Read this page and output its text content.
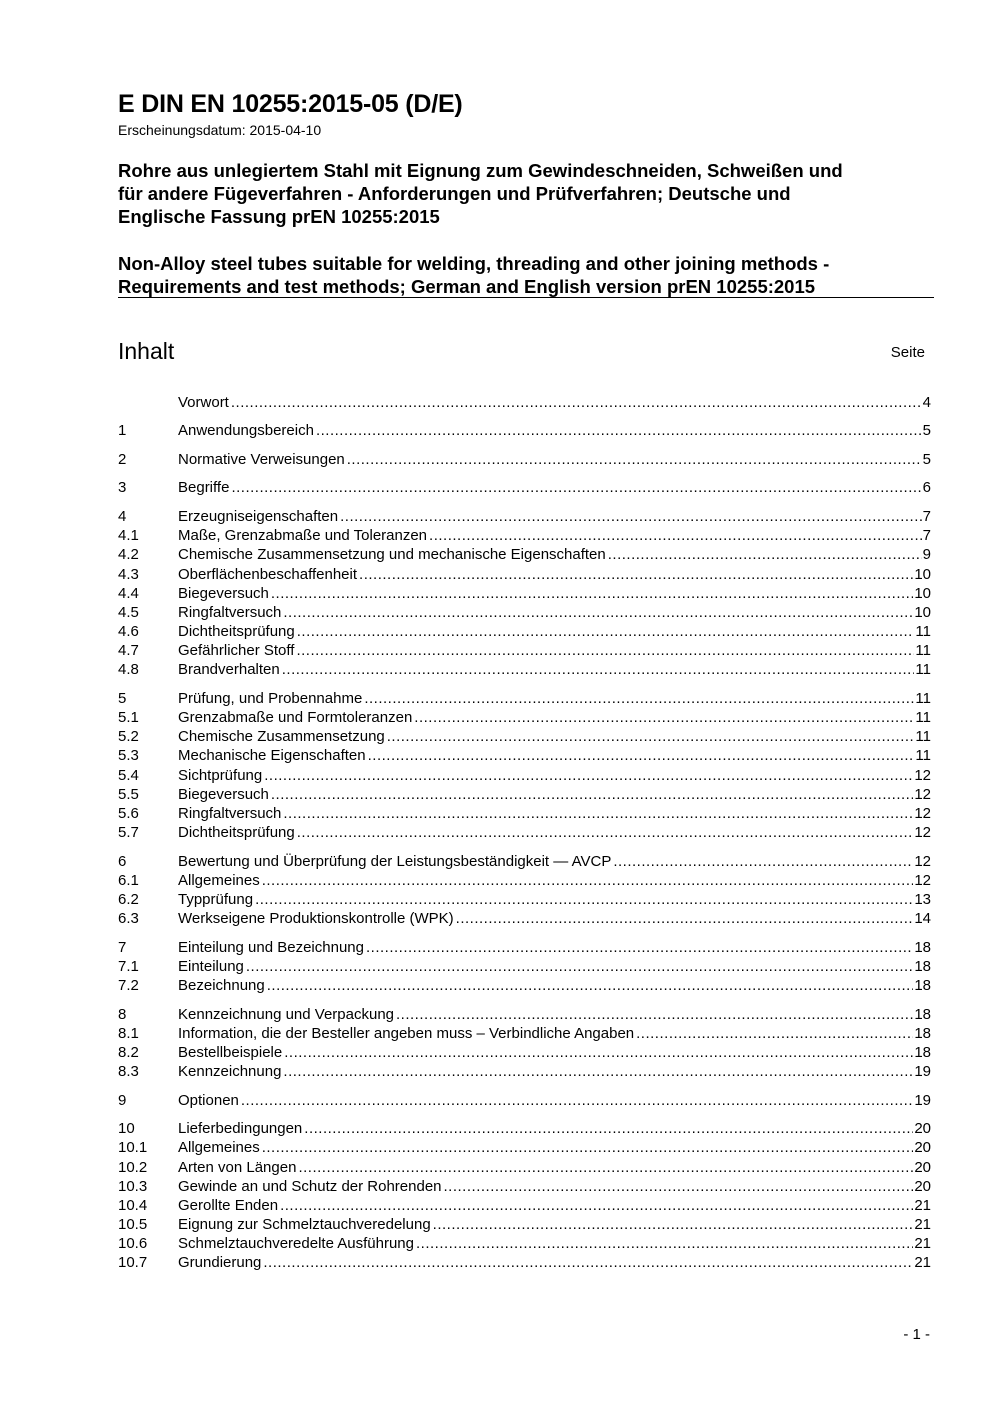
E DIN EN 10255:2015-05 (D/E)
Erscheinungsdatum: 2015-04-10
Rohre aus unlegiertem Stahl mit Eignung zum Gewindeschneiden, Schweißen und
für andere Fügeverfahren - Anforderungen und Prüfverfahren; Deutsche und
Englische Fassung prEN 10255:2015
Non-Alloy steel tubes suitable for welding, threading and other joining methods -
Requirements and test methods; German and English version prEN 10255:2015
Inhalt	Seite
Vorwort .....	4
1	Anwendungsbereich .....	5
2	Normative Verweisungen .....	5
3	Begriffe .....	6
4	Erzeugniseigenschaften .....	7
4.1	Maße, Grenzabmaße und Toleranzen .....	7
4.2	Chemische Zusammensetzung und mechanische Eigenschaften .....	9
4.3	Oberflächenbeschaffenheit .....	10
4.4	Biegeversuch .....	10
4.5	Ringfaltversuch .....	10
4.6	Dichtheitsprüfung .....	11
4.7	Gefährlicher Stoff .....	11
4.8	Brandverhalten .....	11
5	Prüfung, und Probennahme .....	11
5.1	Grenzabmaße und Formtoleranzen .....	11
5.2	Chemische Zusammensetzung .....	11
5.3	Mechanische Eigenschaften .....	11
5.4	Sichtprüfung .....	12
5.5	Biegeversuch .....	12
5.6	Ringfaltversuch .....	12
5.7	Dichtheitsprüfung .....	12
6	Bewertung und Überprüfung der Leistungsbeständigkeit — AVCP .....	12
6.1	Allgemeines .....	12
6.2	Typprüfung .....	13
6.3	Werkseigene Produktionskontrolle (WPK) .....	14
7	Einteilung und Bezeichnung .....	18
7.1	Einteilung .....	18
7.2	Bezeichnung .....	18
8	Kennzeichnung und Verpackung .....	18
8.1	Information, die der Besteller angeben muss – Verbindliche Angaben .....	18
8.2	Bestellbeispiele .....	18
8.3	Kennzeichnung .....	19
9	Optionen .....	19
10	Lieferbedingungen .....	20
10.1	Allgemeines .....	20
10.2	Arten von Längen .....	20
10.3	Gewinde an und Schutz der Rohrenden .....	20
10.4	Gerollte Enden .....	21
10.5	Eignung zur Schmelztauchveredelung .....	21
10.6	Schmelztauchveredelte Ausführung .....	21
10.7	Grundierung .....	21
- 1 -
